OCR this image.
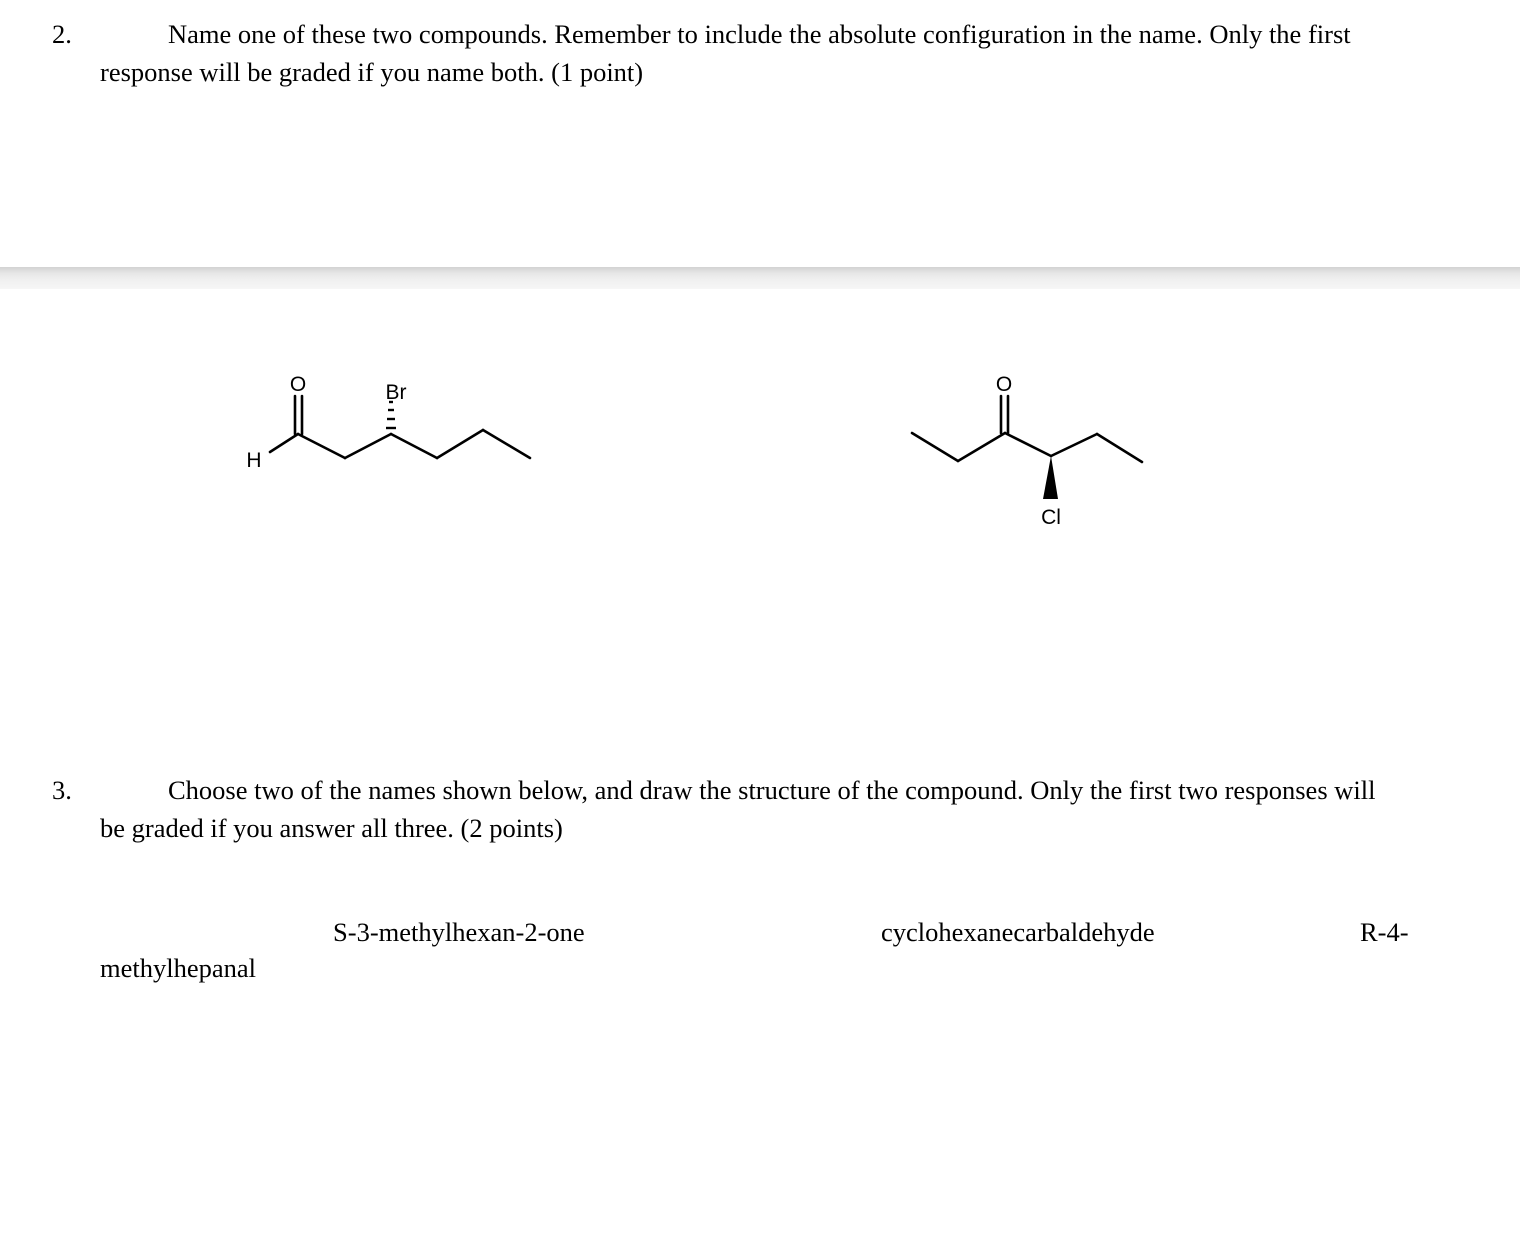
2.	Name one of these two compounds. Remember to include the absolute configuration in the name. Only the first
response will be graded if you name both. (1 point)
O
H
Br	O
Cl
3.	Choose two of the names shown below, and draw the structure of the compound. Only the first two responses will
be graded if you answer all three. (2 points)
S-3-methylhexan-2-one	cyclohexanecarbaldehyde	R-4-
methylhepanal
